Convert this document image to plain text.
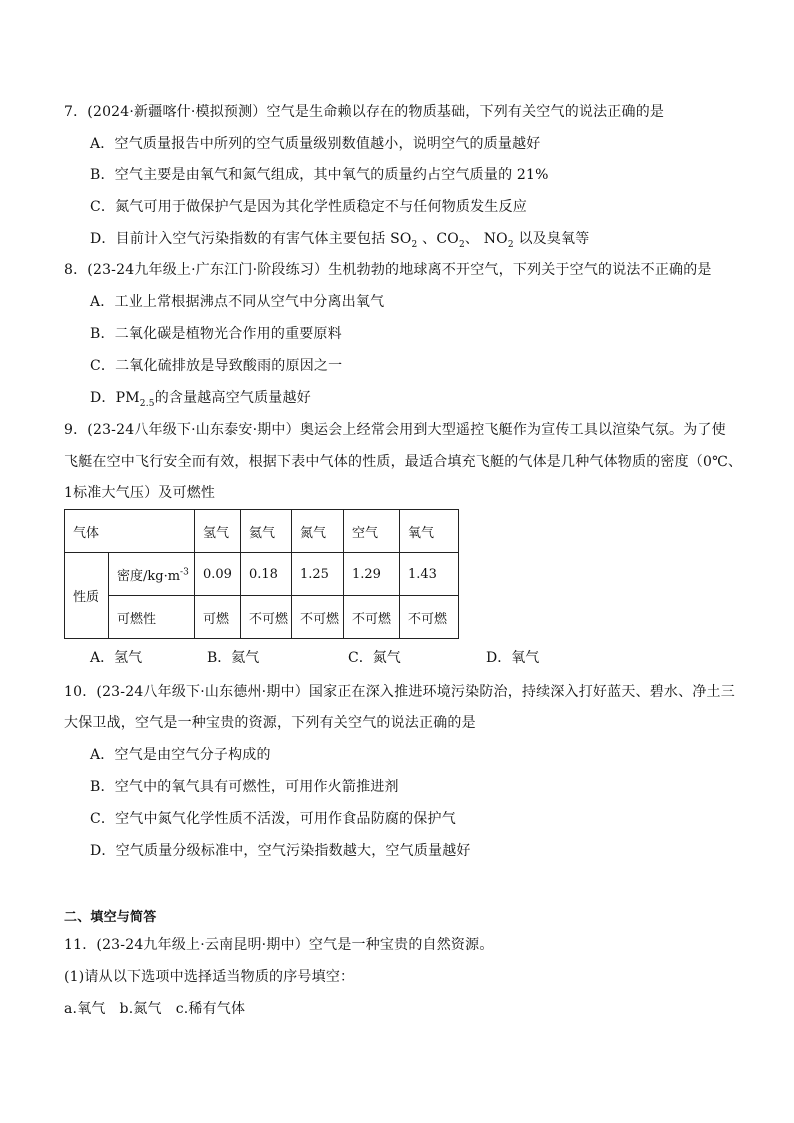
7．(2024·新疆喀什·模拟预测）空气是生命赖以存在的物质基础，下列有关空气的说法正确的是
A．空气质量报告中所列的空气质量级别数值越小，说明空气的质量越好
B．空气主要是由氧气和氮气组成，其中氧气的质量约占空气质量的 21%
C．氮气可用于做保护气是因为其化学性质稳定不与任何物质发生反应
D．目前计入空气污染指数的有害气体主要包括 $SO_2$ 、$CO_2$、 $NO_2$ 以及臭氧等
8．(23-24九年级上·广东江门·阶段练习）生机勃勃的地球离不开空气，下列关于空气的说法不正确的是
A．工业上常根据沸点不同从空气中分离出氧气
B．二氧化碳是植物光合作用的重要原料
C．二氧化硫排放是导致酸雨的原因之一
D．$PM_{2.5}$的含量越高空气质量越好
9．(23-24八年级下·山东泰安·期中）奥运会上经常会用到大型遥控飞艇作为宣传工具以渲染气氛。为了使
飞艇在空中飞行安全而有效，根据下表中气体的性质，最适合填充飞艇的气体是几种气体物质的密度（0℃、
1标准大气压）及可燃性
气体		氢气	氦气	氮气	空气	氧气
性质	密度$/kg\cdot m^{-3}$	0.09	0.18	1.25	1.29	1.43
	可燃性	可燃	不可燃	不可燃	不可燃	不可燃
A．氢气	B．氦气	C．氮气	D．氧气
10．(23-24八年级下·山东德州·期中）国家正在深入推进环境污染防治，持续深入打好蓝天、碧水、净土三
大保卫战，空气是一种宝贵的资源，下列有关空气的说法正确的是
A．空气是由空气分子构成的
B．空气中的氧气具有可燃性，可用作火箭推进剂
C．空气中氮气化学性质不活泼，可用作食品防腐的保护气
D．空气质量分级标准中，空气污染指数越大，空气质量越好
二、填空与简答
11．(23-24九年级上·云南昆明·期中）空气是一种宝贵的自然资源。
(1)请从以下选项中选择适当物质的序号填空：
a.氧气   b.氮气   c.稀有气体
